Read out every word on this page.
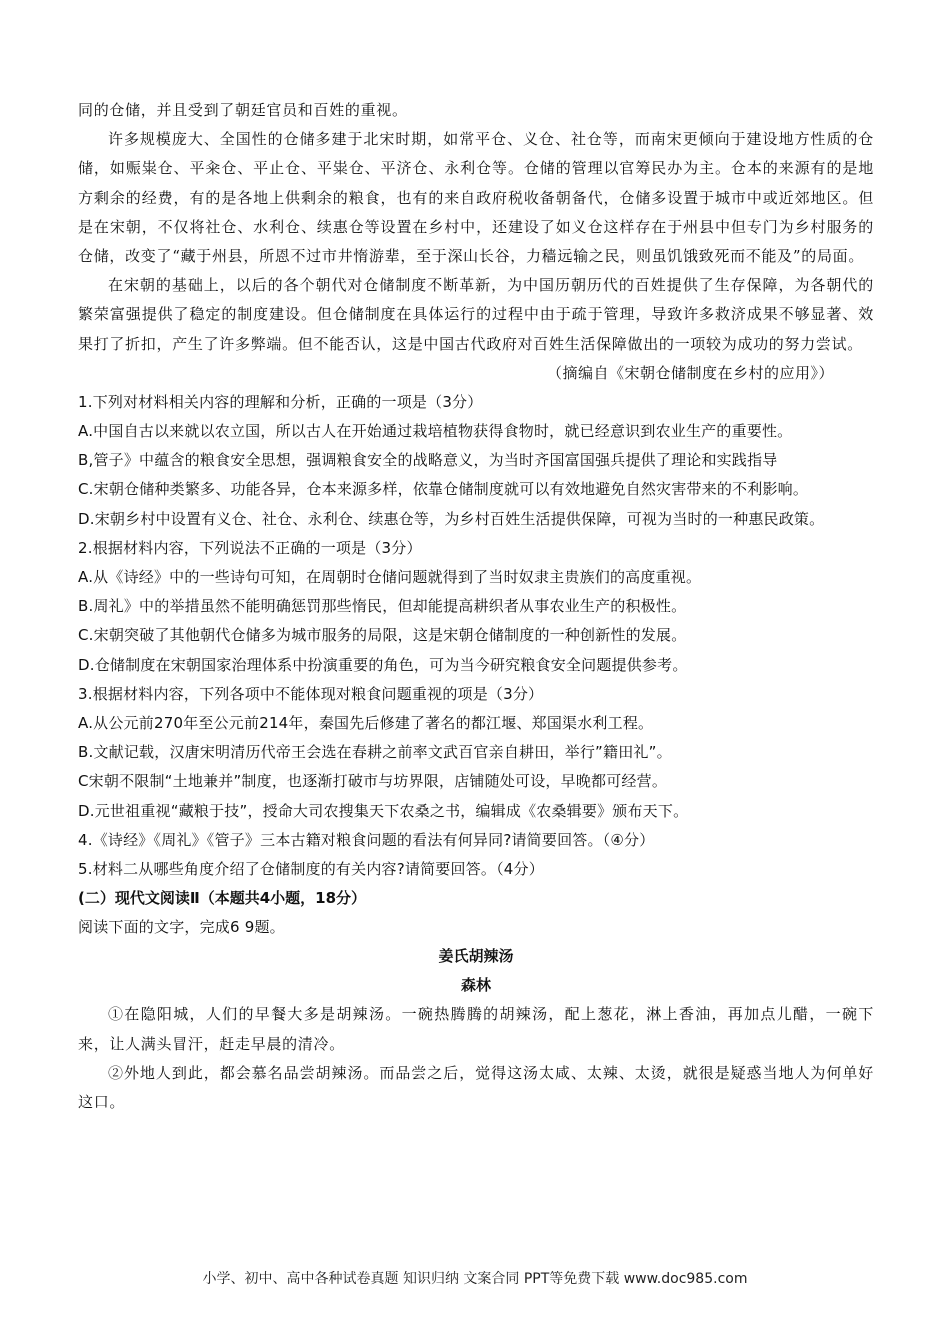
同的仓储，并且受到了朝廷官员和百姓的重视。

许多规模庞大、全国性的仓储多建于北宋时期，如常平仓、义仓、社仓等，而南宋更倾向于建设地方性质的仓储，如赈粜仓、平籴仓、平止仓、平粜仓、平济仓、永利仓等。仓储的管理以官筹民办为主。仓本的来源有的是地方剩余的经费，有的是各地上供剩余的粮食，也有的来自政府税收备朝备代，仓储多设置于城市中或近郊地区。但是在宋朝，不仅将社仓、水利仓、续惠仓等设置在乡村中，还建设了如义仓这样存在于州县中但专门为乡村服务的仓储，改变了“藏于州县，所恩不过市井惰游辈，至于深山长谷，力穑远输之民，则虽饥饿致死而不能及”的局面。

在宋朝的基础上，以后的各个朝代对仓储制度不断革新，为中国历朝历代的百姓提供了生存保障，为各朝代的繁荣富强提供了稳定的制度建设。但仓储制度在具体运行的过程中由于疏于管理，导致许多救济成果不够显著、效果打了折扣，产生了许多弊端。但不能否认，这是中国古代政府对百姓生活保障做出的一项较为成功的努力尝试。

（摘编自《宋朝仓储制度在乡村的应用》）

1.下列对材料相关内容的理解和分析，正确的一项是（3分）

A.中国自古以来就以农立国，所以古人在开始通过栽培植物获得食物时，就已经意识到农业生产的重要性。

B,管子》中蕴含的粮食安全思想，强调粮食安全的战略意义，为当时齐国富国强兵提供了理论和实践指导

C.宋朝仓储种类繁多、功能各异，仓本来源多样，依靠仓储制度就可以有效地避免自然灾害带来的不利影响。

D.宋朝乡村中设置有义仓、社仓、永利仓、续惠仓等，为乡村百姓生活提供保障，可视为当时的一种惠民政策。

2.根据材料内容，下列说法不正确的一项是（3分）

A.从《诗经》中的一些诗句可知，在周朝时仓储问题就得到了当时奴隶主贵族们的高度重视。

B.周礼》中的举措虽然不能明确惩罚那些惰民，但却能提高耕织者从事农业生产的积极性。

C.宋朝突破了其他朝代仓储多为城市服务的局限，这是宋朝仓储制度的一种创新性的发展。

D.仓储制度在宋朝国家治理体系中扮演重要的角色，可为当今研究粮食安全问题提供参考。

3.根据材料内容，下列各项中不能体现对粮食问题重视的项是（3分）

A.从公元前270年至公元前214年，秦国先后修建了著名的都江堰、郑国渠水利工程。

B.文献记载，汉唐宋明清历代帝王会选在春耕之前率文武百官亲自耕田，举行”籍田礼”。

C宋朝不限制“土地兼并”制度，也逐渐打破市与坊界限，店铺随处可设，早晚都可经营。

D.元世祖重视“藏粮于技”，授命大司农搜集天下农桑之书，编辑成《农桑辑要》颁布天下。

4.《诗经》《周礼》《管子》三本古籍对粮食问题的看法有何异同?请简要回答。（④分）

5.材料二从哪些角度介绍了仓储制度的有关内容?请简要回答。（4分）

(二）现代文阅读Ⅱ（本题共4小题，18分）

阅读下面的文字，完成6 9题。

姜氏胡辣汤

森林

①在隐阳城，人们的早餐大多是胡辣汤。一碗热腾腾的胡辣汤，配上葱花，淋上香油，再加点儿醋，一碗下来，让人满头冒汗，赶走早晨的清冷。

②外地人到此，都会慕名品尝胡辣汤。而品尝之后，觉得这汤太咸、太辣、太烫，就很是疑惑当地人为何单好这口。

小学、初中、高中各种试卷真题 知识归纳 文案合同 PPT等免费下载 www.doc985.com
